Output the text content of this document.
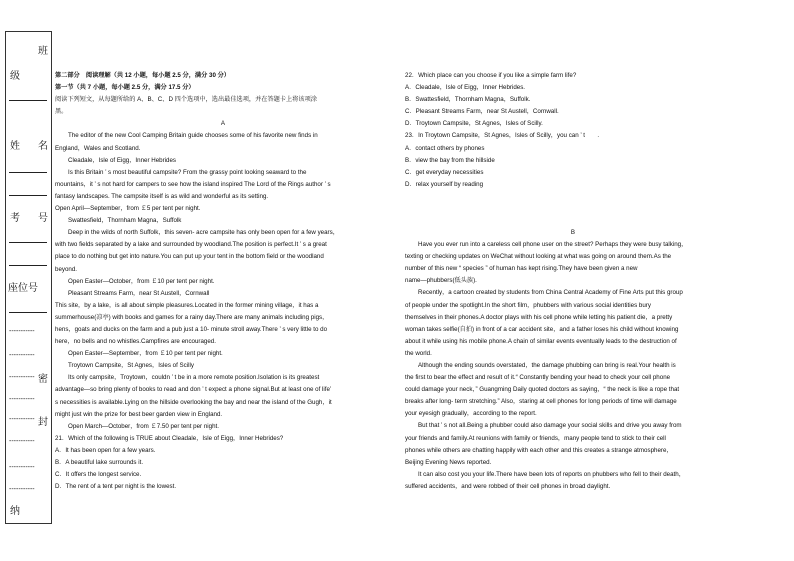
班
级
姓 名
考 号
座位号
-----------
-----------
----------- 密
-----------
----------- 封
-----------
-----------
-----------
纳

第二部分　阅读理解（共 12 小题，每小题 2.5 分，满分 30 分）

第一节（共 7 小题，每小题 2.5 分，满分 17.5 分）

阅读下列短文，从每题所给的 A、B、C、D 四个选项中，选出最佳选项，并在答题卡上将该项涂

黑。

A

The editor of the new Cool Camping Britain guide chooses some of his favorite new finds in

England，Wales and Scotland.

Cleadale，Isle of Eigg，Inner Hebrides

Is this Britain ’ s most beautiful campsite? From the grassy point looking seaward to the

mountains，it ’ s not hard for campers to see how the island inspired The Lord of the Rings author ’ s

fantasy landscapes. The campsite itself is as wild and wonderful as its setting.

Open April—September，from ￡5 per tent per night.

Swattesfield，Thornham Magna，Suffolk

Deep in the wilds of north Suffolk，this seven- acre campsite has only been open for a few years，

with two fields separated by a lake and surrounded by woodland.The position is perfect.It ’ s a great

place to do nothing but get into nature.You can put up your tent in the bottom field or the woodland

beyond.

Open Easter—October，from ￡10 per tent per night.

Pleasant Streams Farm，near St Austell，Cornwall

This site，by a lake，is all about simple pleasures.Located in the former mining village，it has a

summerhouse(凉亭) with books and games for a rainy day.There are many animals including pigs，

hens，goats and ducks on the farm and a pub just a 10- minute stroll away.There ’ s very little to do

here，no bells and no whistles.Campfires are encouraged.

Open Easter—September，from ￡10 per tent per night.

Troytown Campsite，St Agnes，Isles of Scilly

Its only campsite，Troytown，couldn ’ t be in a more remote position.Isolation is its greatest

advantage—so bring plenty of books to read and don ’ t expect a phone signal.But at least one of life’

s necessities is available.Lying on the hillside overlooking the bay and near the island of the Gugh，it

might just win the prize for best beer garden view in England.

Open March—October，from ￡7.50 per tent per night.

21．Which of the following is TRUE about Cleadale，Isle of Eigg，Inner Hebrides?

A．It has been open for a few years.

B．A beautiful lake surrounds it.

C．It offers the longest service.

D．The rent of a tent per night is the lowest.

22．Which place can you choose if you like a simple farm life?

A．Cleadale，Isle of Eigg，Inner Hebrides.

B．Swattesfield，Thornham Magna，Suffolk.

C．Pleasant Streams Farm，near St Austell，Cornwall.

D．Troytown Campsite，St Agnes，Isles of Scilly.

23．In Troytown Campsite，St Agnes，Isles of Scilly，you can ’ t　　.

A．contact others by phones

B．view the bay from the hillside

C．get everyday necessities

D．relax yourself by reading

B

Have you ever run into a careless cell phone user on the street? Perhaps they were busy talking，

texting or checking updates on WeChat without looking at what was going on around them.As the

number of this new “ species ” of human has kept rising.They have been given a new

name—phubbers(低头族).

Recently，a cartoon created by students from China Central Academy of Fine Arts put this group

of people under the spotlight.In the short film，phubbers with various social identities bury

themselves in their phones.A doctor plays with his cell phone while letting his patient die，a pretty

woman takes selfie(自拍) in front of a car accident site，and a father loses his child without knowing

about it while using his mobile phone.A chain of similar events eventually leads to the destruction of

the world.

Although the ending sounds overstated，the damage phubbing can bring is real.Your health is

the first to bear the effect and result of it.“ Constantly bending your head to check your cell phone

could damage your neck，” Guangming Daily quoted doctors as saying，“ the neck is like a rope that

breaks after long- term stretching.” Also，staring at cell phones for long periods of time will damage

your eyesigh gradually，according to the report.

But that ’ s not all.Being a phubber could also damage your social skills and drive you away from

your friends and family.At reunions with family or friends，many people tend to stick to their cell

phones while others are chatting happily with each other and this creates a strange atmosphere，

Beijing Evening News reported.

It can also cost you your life.There have been lots of reports on phubbers who fell to their death，

suffered accidents，and were robbed of their cell phones in broad daylight.
